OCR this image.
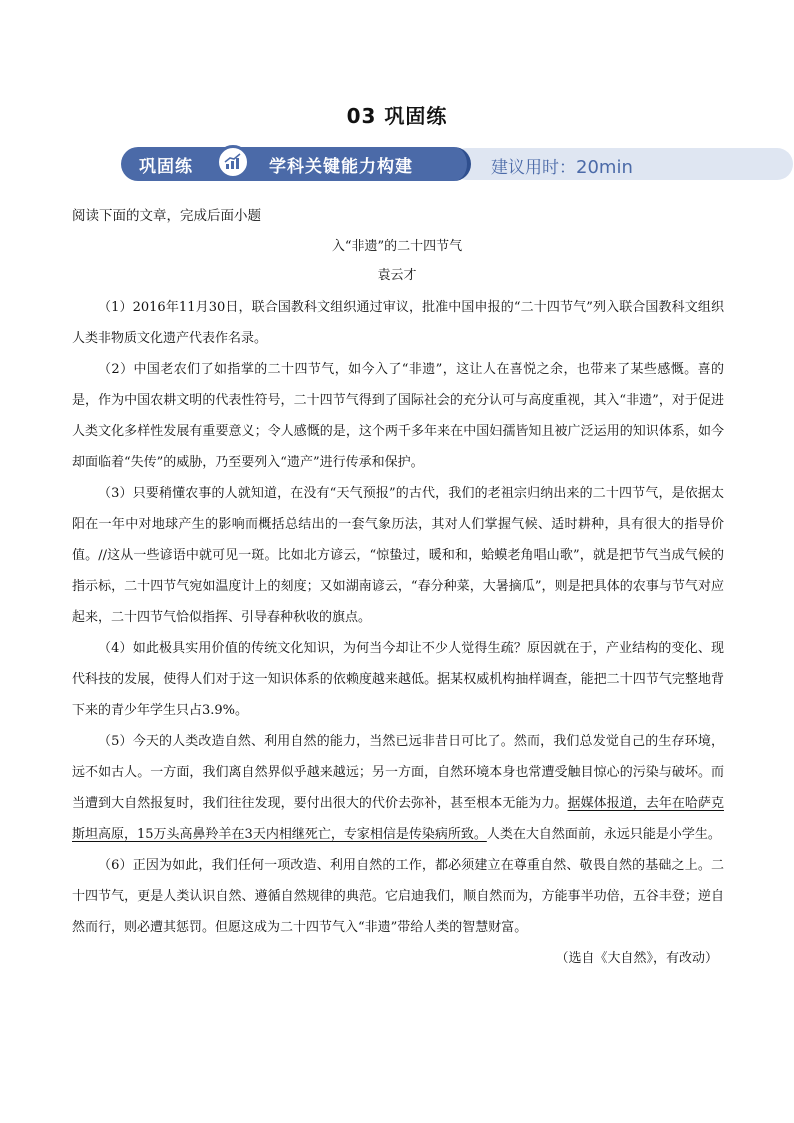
03 巩固练
巩固练	学科关键能力构建	建议用时：20min
阅读下面的文章，完成后面小题
入“非遗”的二十四节气
袁云才

（1）2016年11月30日，联合国教科文组织通过审议，批准中国申报的“二十四节气”列入联合国教科文组织人类非物质文化遗产代表作名录。

（2）中国老农们了如指掌的二十四节气，如今入了“非遗”，这让人在喜悦之余，也带来了某些感慨。喜的是，作为中国农耕文明的代表性符号，二十四节气得到了国际社会的充分认可与高度重视，其入“非遗”，对于促进人类文化多样性发展有重要意义；令人感慨的是，这个两千多年来在中国妇孺皆知且被广泛运用的知识体系，如今却面临着“失传”的威胁，乃至要列入“遗产”进行传承和保护。

（3）只要稍懂农事的人就知道，在没有“天气预报”的古代，我们的老祖宗归纳出来的二十四节气，是依据太阳在一年中对地球产生的影响而概括总结出的一套气象历法，其对人们掌握气候、适时耕种，具有很大的指导价值。//这从一些谚语中就可见一斑。比如北方谚云，“惊蛰过，暖和和，蛤蟆老角唱山歌”，就是把节气当成气候的指示标，二十四节气宛如温度计上的刻度；又如湖南谚云，“春分种菜，大暑摘瓜”，则是把具体的农事与节气对应起来，二十四节气恰似指挥、引导春种秋收的旗点。

（4）如此极具实用价值的传统文化知识，为何当今却让不少人觉得生疏？原因就在于，产业结构的变化、现代科技的发展，使得人们对于这一知识体系的依赖度越来越低。据某权威机构抽样调查，能把二十四节气完整地背下来的青少年学生只占3.9%。

（5）今天的人类改造自然、利用自然的能力，当然已远非昔日可比了。然而，我们总发觉自己的生存环境，远不如古人。一方面，我们离自然界似乎越来越远；另一方面，自然环境本身也常遭受触目惊心的污染与破坏。而当遭到大自然报复时，我们往往发现，要付出很大的代价去弥补，甚至根本无能为力。据媒体报道，去年在哈萨克斯坦高原，15万头高鼻羚羊在3天内相继死亡，专家相信是传染病所致。人类在大自然面前，永远只能是小学生。

（6）正因为如此，我们任何一项改造、利用自然的工作，都必须建立在尊重自然、敬畏自然的基础之上。二十四节气，更是人类认识自然、遵循自然规律的典范。它启迪我们，顺自然而为，方能事半功倍，五谷丰登；逆自然而行，则必遭其惩罚。但愿这成为二十四节气入“非遗”带给人类的智慧财富。

（选自《大自然》，有改动）
